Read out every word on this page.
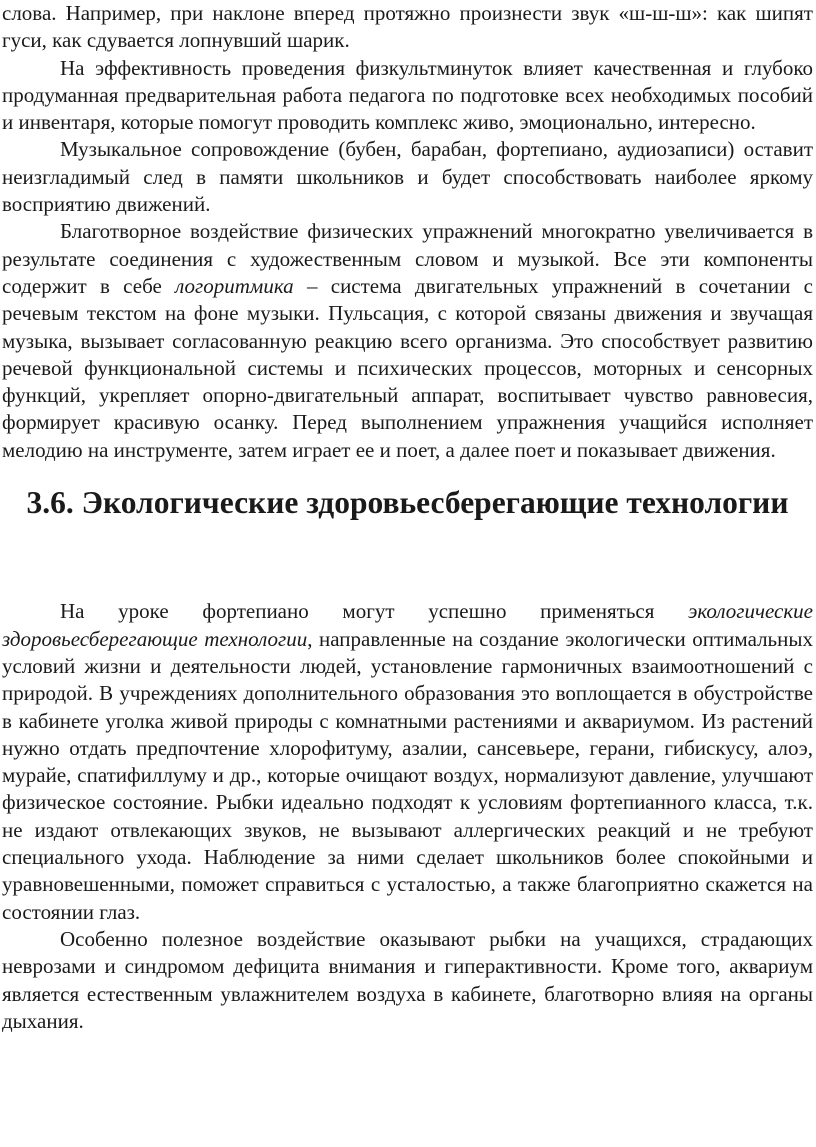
слова. Например, при наклоне вперед протяжно произнести звук «ш-ш-ш»: как шипят гуси, как сдувается лопнувший шарик.

На эффективность проведения физкультминуток влияет качественная и глубоко продуманная предварительная работа педагога по подготовке всех необходимых пособий и инвентаря, которые помогут проводить комплекс живо, эмоционально, интересно.

Музыкальное сопровождение (бубен, барабан, фортепиано, аудиозаписи) оставит неизгладимый след в памяти школьников и будет способствовать наиболее яркому восприятию движений.

Благотворное воздействие физических упражнений многократно увеличивается в результате соединения с художественным словом и музыкой. Все эти компоненты содержит в себе логоритмика – система двигательных упражнений в сочетании с речевым текстом на фоне музыки. Пульсация, с которой связаны движения и звучащая музыка, вызывает согласованную реакцию всего организма. Это способствует развитию речевой функциональной системы и психических процессов, моторных и сенсорных функций, укрепляет опорно-двигательный аппарат, воспитывает чувство равновесия, формирует красивую осанку. Перед выполнением упражнения учащийся исполняет мелодию на инструменте, затем играет ее и поет, а далее поет и показывает движения.

3.6. Экологические здоровьесберегающие технологии

На уроке фортепиано могут успешно применяться экологические здоровьесберегающие технологии, направленные на создание экологически оптимальных условий жизни и деятельности людей, установление гармоничных взаимоотношений с природой. В учреждениях дополнительного образования это воплощается в обустройстве в кабинете уголка живой природы с комнатными растениями и аквариумом. Из растений нужно отдать предпочтение хлорофитуму, азалии, сансевьере, герани, гибискусу, алоэ, мурайе, спатифиллуму и др., которые очищают воздух, нормализуют давление, улучшают физическое состояние. Рыбки идеально подходят к условиям фортепианного класса, т.к. не издают отвлекающих звуков, не вызывают аллергических реакций и не требуют специального ухода. Наблюдение за ними сделает школьников более спокойными и уравновешенными, поможет справиться с усталостью, а также благоприятно скажется на состоянии глаз.

Особенно полезное воздействие оказывают рыбки на учащихся, страдающих неврозами и синдромом дефицита внимания и гиперактивности. Кроме того, аквариум является естественным увлажнителем воздуха в кабинете, благотворно влияя на органы дыхания.
